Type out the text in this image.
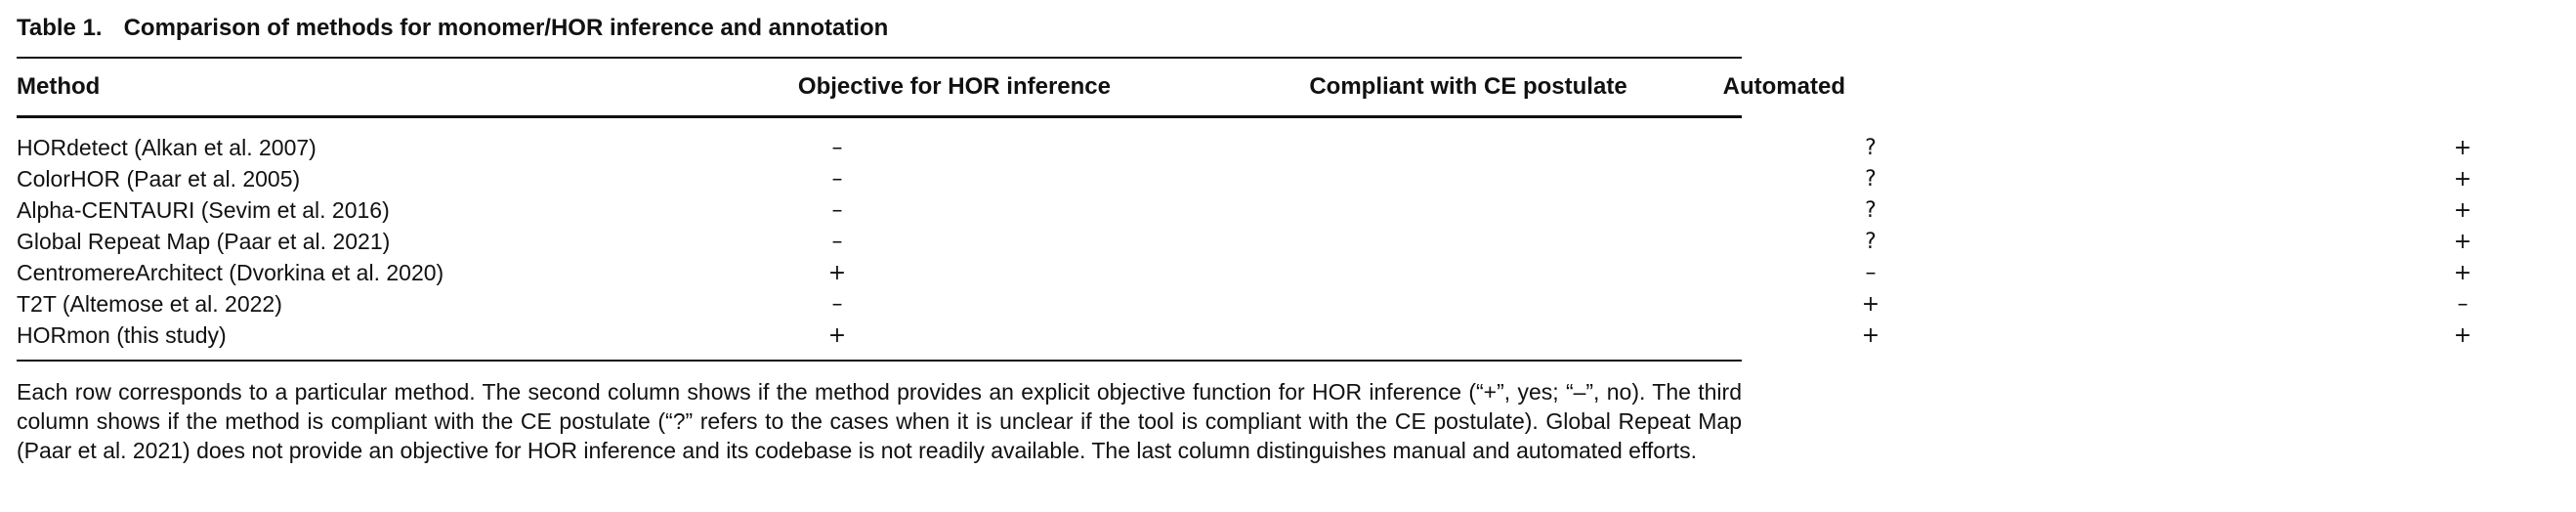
Table 1. Comparison of methods for monomer/HOR inference and annotation
Method	Objective for HOR inference	Compliant with CE postulate	Automated

HORdetect (Alkan et al. 2007)	–	?	+
ColorHOR (Paar et al. 2005)	–	?	+
Alpha-CENTAURI (Sevim et al. 2016)	–	?	+
Global Repeat Map (Paar et al. 2021)	–	?	+
CentromereArchitect (Dvorkina et al. 2020)	+	–	+
T2T (Altemose et al. 2022)	–	+	–
HORmon (this study)	+	+	+
Each row corresponds to a particular method. The second column shows if the method provides an explicit objective function for HOR inference (“+”, yes; “–”, no). The third column shows if the method is compliant with the CE postulate (“?” refers to the cases when it is unclear if the tool is compliant with the CE postulate). Global Repeat Map (Paar et al. 2021) does not provide an objective for HOR inference and its codebase is not readily available. The last column distinguishes manual and automated efforts.
